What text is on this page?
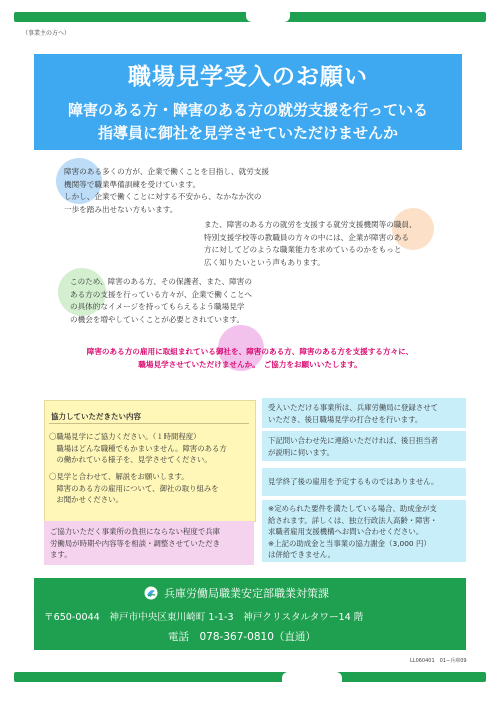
（事業主の方へ）
職場見学受入のお願い
障害のある方・障害のある方の就労支援を行っている
指導員に御社を見学させていただけませんか
障害のある多くの方が、企業で働くことを目指し、就労支援
機関等で職業準備訓練を受けています。
しかし、企業で働くことに対する不安から、なかなか次の
一歩を踏み出せない方もいます。
また、障害のある方の就労を支援する就労支援機関等の職員、
特別支援学校等の教職員の方々の中には、企業が障害のある
方に対してどのような職業能力を求めているのかをもっと
広く知りたいという声もあります。
このため、障害のある方、その保護者、また、障害の
ある方の支援を行っている方々が、企業で働くことへ
の具体的なイメージを持ってもらえるよう職場見学
の機会を増やしていくことが必要とされています。
障害のある方の雇用に取組まれている御社を、障害のある方、障害のある方を支援する方々に、
職場見学させていただけませんか。　ご協力をお願いいたします。
協力していただきたい内容
〇職場見学にご協力ください。（１時間程度）
　職場はどんな職種でもかまいません。障害のある方
　の働かれている様子を、見学させてください。
〇見学と合わせて、解説をお願いします。
　障害のある方の雇用について、御社の取り組みを
　お聞かせください。
ご協力いただく事業所の負担にならない程度で兵庫
労働局が時期や内容等を相談・調整させていただき
ます。
受入いただける事業所は、兵庫労働局に登録させて
いただき、後日職場見学の打合せを行います。
下記問い合わせ先に連絡いただければ、後日担当者
が説明に伺います。
見学終了後の雇用を予定するものではありません。
※定められた要件を満たしている場合、助成金が支
給されます。詳しくは、独立行政法人高齢・障害・
求職者雇用支援機構へお問い合わせください。
※上記の助成金と当事業の協力謝金（3,000 円）
は併給できません。
兵庫労働局職業安定部職業対策課
〒650-0044　神戸市中央区東川崎町 1-1-3　神戸クリスタルタワー14 階
電話　078-367-0810（直通）
LL060401　01−兵庫09
